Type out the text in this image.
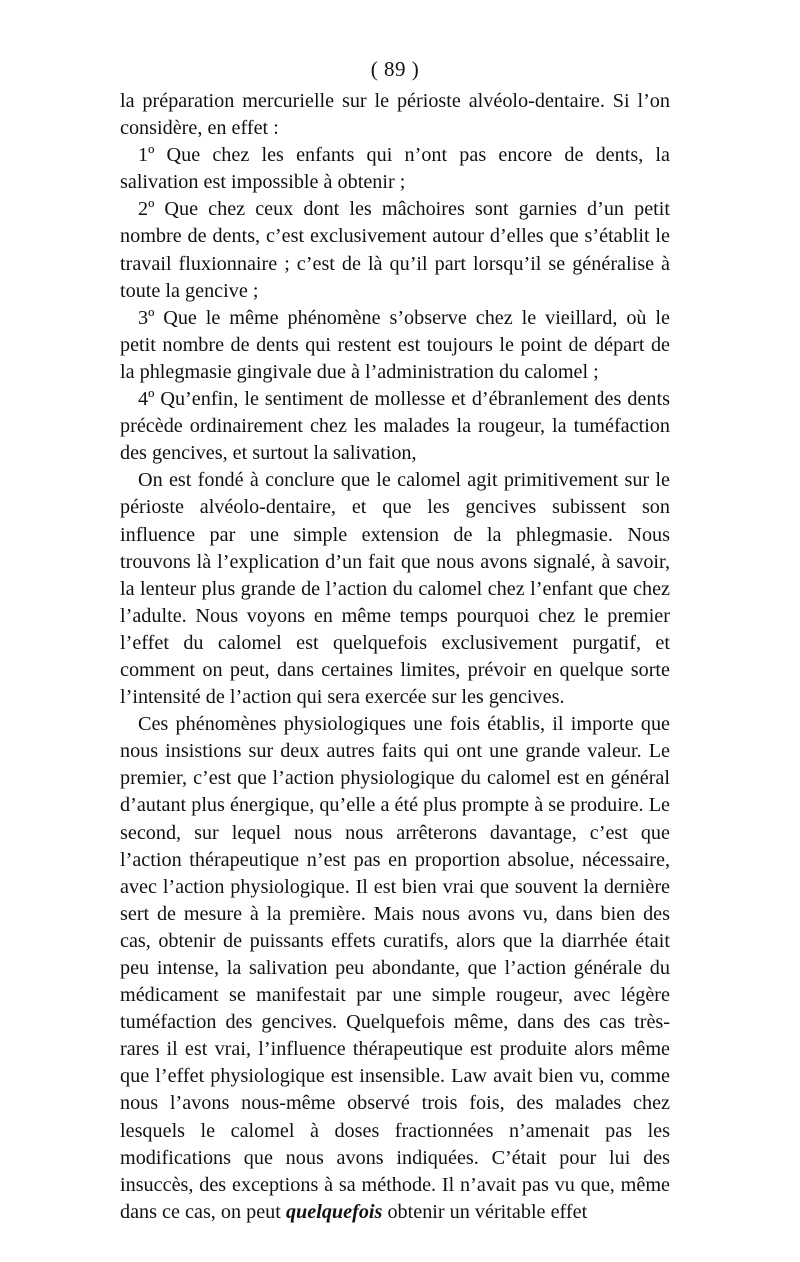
( 89 )

la préparation mercurielle sur le périoste alvéolo-dentaire. Si l’on considère, en effet :

1º Que chez les enfants qui n’ont pas encore de dents, la salivation est impossible à obtenir ;

2º Que chez ceux dont les mâchoires sont garnies d’un petit nombre de dents, c’est exclusivement autour d’elles que s’établit le travail fluxionnaire ; c’est de là qu’il part lorsqu’il se généralise à toute la gencive ;

3º Que le même phénomène s’observe chez le vieillard, où le petit nombre de dents qui restent est toujours le point de départ de la phlegmasie gingivale due à l’administration du calomel ;

4º Qu’enfin, le sentiment de mollesse et d’ébranlement des dents précède ordinairement chez les malades la rougeur, la tuméfaction des gencives, et surtout la salivation,

On est fondé à conclure que le calomel agit primitivement sur le périoste alvéolo-dentaire, et que les gencives subissent son influence par une simple extension de la phlegmasie. Nous trouvons là l’explication d’un fait que nous avons signalé, à savoir, la lenteur plus grande de l’action du calomel chez l’enfant que chez l’adulte. Nous voyons en même temps pourquoi chez le premier l’effet du calomel est quelquefois exclusivement purgatif, et comment on peut, dans certaines limites, prévoir en quelque sorte l’intensité de l’action qui sera exercée sur les gencives.

Ces phénomènes physiologiques une fois établis, il importe que nous insistions sur deux autres faits qui ont une grande valeur. Le premier, c’est que l’action physiologique du calomel est en général d’autant plus énergique, qu’elle a été plus prompte à se produire. Le second, sur lequel nous nous arrêterons davantage, c’est que l’action thérapeutique n’est pas en proportion absolue, nécessaire, avec l’action physiologique. Il est bien vrai que souvent la dernière sert de mesure à la première. Mais nous avons vu, dans bien des cas, obtenir de puissants effets curatifs, alors que la diarrhée était peu intense, la salivation peu abondante, que l’action générale du médicament se manifestait par une simple rougeur, avec légère tuméfaction des gencives. Quelquefois même, dans des cas très-rares il est vrai, l’influence thérapeutique est produite alors même que l’effet physiologique est insensible. Law avait bien vu, comme nous l’avons nous-même observé trois fois, des malades chez lesquels le calomel à doses fractionnées n’amenait pas les modifications que nous avons indiquées. C’était pour lui des insuccès, des exceptions à sa méthode. Il n’avait pas vu que, même dans ce cas, on peut quelquefois obtenir un véritable effet
